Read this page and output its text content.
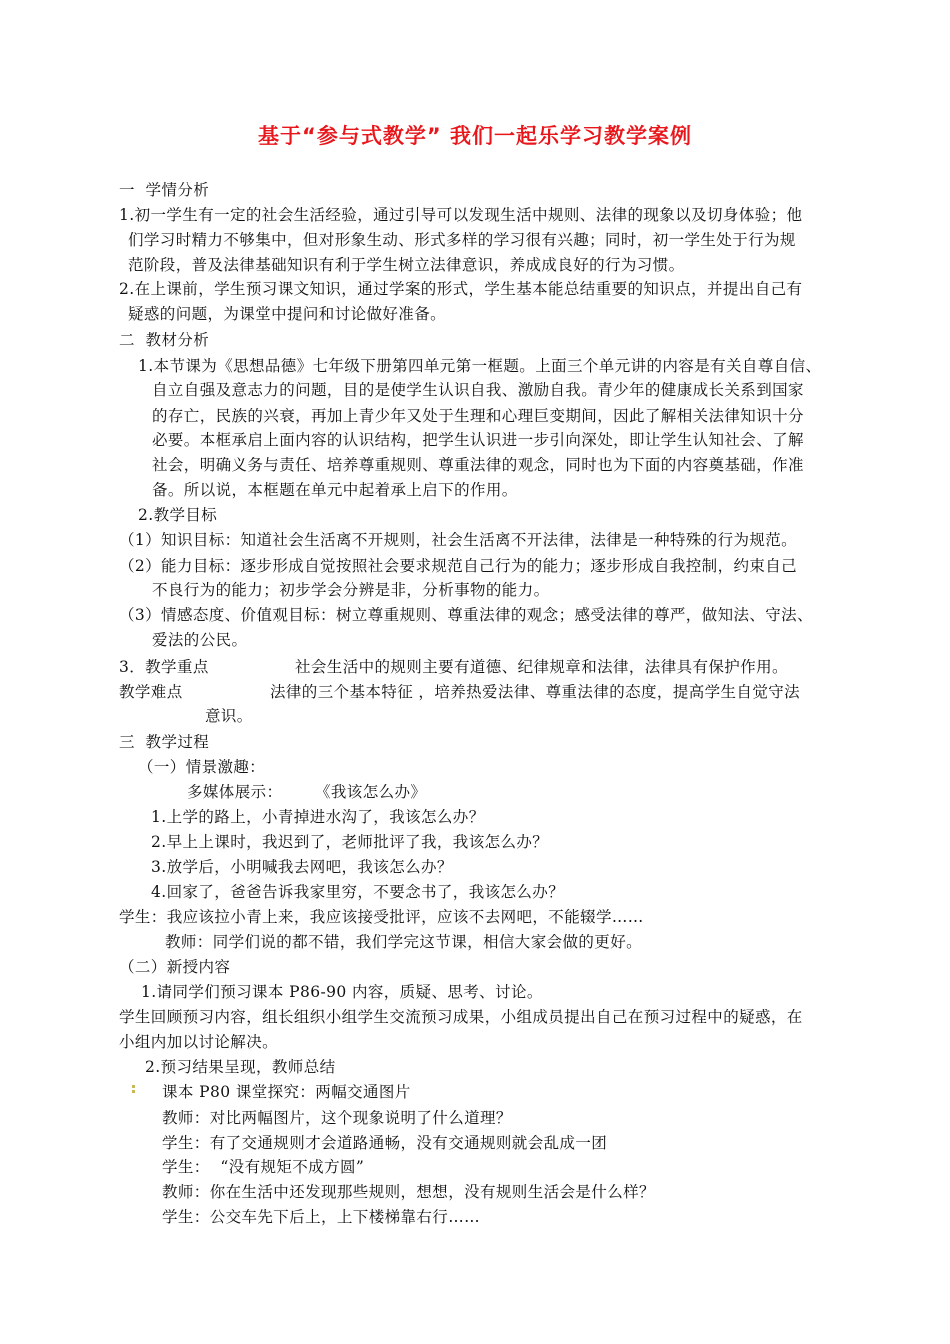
基于“参与式教学” 我们一起乐学习教学案例
一  学情分析
1.初一学生有一定的社会生活经验，通过引导可以发现生活中规则、法律的现象以及切身体验；他
们学习时精力不够集中，但对形象生动、形式多样的学习很有兴趣；同时，初一学生处于行为规
范阶段，普及法律基础知识有利于学生树立法律意识，养成成良好的行为习惯。
2.在上课前，学生预习课文知识，通过学案的形式，学生基本能总结重要的知识点，并提出自己有
疑惑的问题，为课堂中提问和讨论做好准备。
二  教材分析
1.本节课为《思想品德》七年级下册第四单元第一框题。上面三个单元讲的内容是有关自尊自信、
自立自强及意志力的问题，目的是使学生认识自我、激励自我。青少年的健康成长关系到国家
的存亡，民族的兴衰，再加上青少年又处于生理和心理巨变期间，因此了解相关法律知识十分
必要。本框承启上面内容的认识结构，把学生认识进一步引向深处，即让学生认知社会、了解
社会，明确义务与责任、培养尊重规则、尊重法律的观念，同时也为下面的内容奠基础，作准
备。所以说，本框题在单元中起着承上启下的作用。
2.教学目标
（1）知识目标：知道社会生活离不开规则，社会生活离不开法律，法律是一种特殊的行为规范。
（2）能力目标：逐步形成自觉按照社会要求规范自己行为的能力；逐步形成自我控制，约束自己
不良行为的能力；初步学会分辨是非，分析事物的能力。
（3）情感态度、价值观目标：树立尊重规则、尊重法律的观念；感受法律的尊严，做知法、守法、
爱法的公民。
3．教学重点	社会生活中的规则主要有道德、纪律规章和法律，法律具有保护作用。
教学难点	法律的三个基本特征 ，培养热爱法律、尊重法律的态度，提高学生自觉守法
意识。
三  教学过程
（一）情景激趣：
多媒体展示： 《我该怎么办》
1.上学的路上，小青掉进水沟了，我该怎么办？
2.早上上课时，我迟到了，老师批评了我，我该怎么办？
3.放学后，小明喊我去网吧，我该怎么办？
4.回家了，爸爸告诉我家里穷，不要念书了，我该怎么办？
学生：我应该拉小青上来，我应该接受批评，应该不去网吧，不能辍学……
教师：同学们说的都不错，我们学完这节课，相信大家会做的更好。
（二）新授内容
1.请同学们预习课本 P86-90 内容，质疑、思考、讨论。
学生回顾预习内容，组长组织小组学生交流预习成果，小组成员提出自己在预习过程中的疑惑，在
小组内加以讨论解决。
2.预习结果呈现，教师总结
课本 P80 课堂探究：两幅交通图片
教师：对比两幅图片，这个现象说明了什么道理？
学生：有了交通规则才会道路通畅，没有交通规则就会乱成一团
学生：  “没有规矩不成方圆”
教师：你在生活中还发现那些规则，想想，没有规则生活会是什么样？
学生：公交车先下后上，上下楼梯靠右行……
